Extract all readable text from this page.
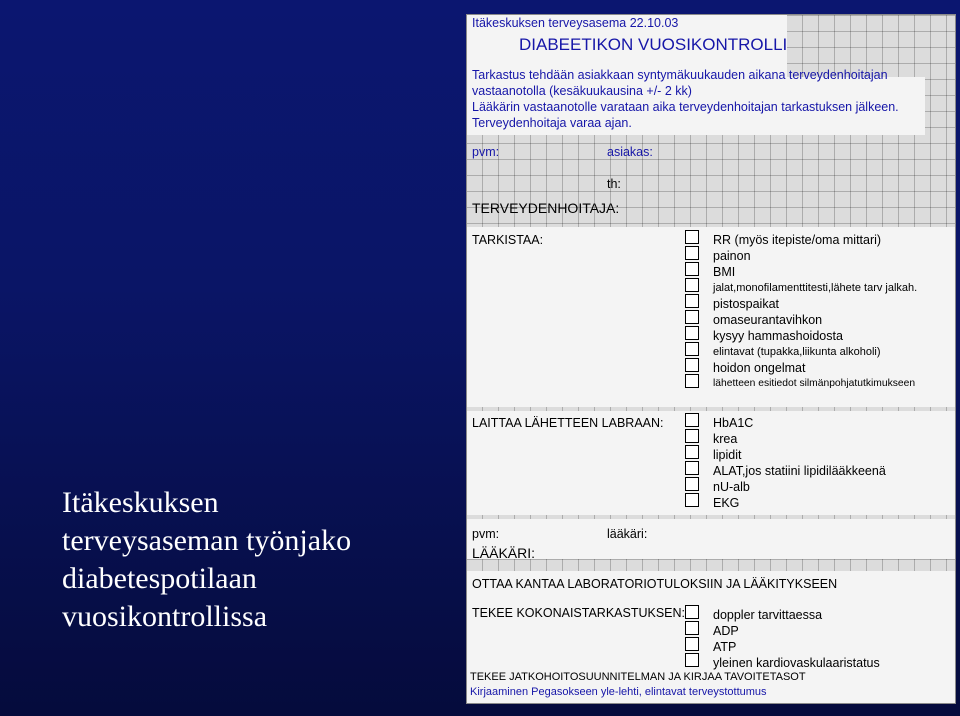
Itäkeskuksen
terveysaseman työnjako
diabetespotilaan
vuosikontrollissa
Itäkeskuksen terveysasema 22.10.03
DIABEETIKON VUOSIKONTROLLI
Tarkastus tehdään asiakkaan syntymäkuukauden aikana terveydenhoitajan
vastaanotolla (kesäkuukausina +/- 2 kk)
Lääkärin vastaanotolle varataan aika terveydenhoitajan tarkastuksen jälkeen.
Terveydenhoitaja varaa ajan.
pvm:	asiakas:
th:
TERVEYDENHOITAJA:
TARKISTAA:	RR (myös itepiste/oma mittari)
painon
BMI
jalat,monofilamenttitesti,lähete tarv jalkah.
pistospaikat
omaseurantavihkon
kysyy hammashoidosta
elintavat (tupakka,liikunta alkoholi)
hoidon ongelmat
lähetteen esitiedot silmänpohjatutkimukseen
LAITTAA LÄHETTEEN LABRAAN:	HbA1C
krea
lipidit
ALAT,jos statiini lipidilääkkeenä
nU-alb
EKG
pvm:	lääkäri:
LÄÄKÄRI:
OTTAA KANTAA LABORATORIOTULOKSIIN JA LÄÄKITYKSEEN
TEKEE KOKONAISTARKASTUKSEN: doppler tarvittaessa
ADP
ATP
yleinen kardiovaskulaaristatus
TEKEE JATKOHOITOSUUNNITELMAN JA KIRJAA TAVOITETASOT
Kirjaaminen Pegasokseen yle-lehti, elintavat terveystottumus
